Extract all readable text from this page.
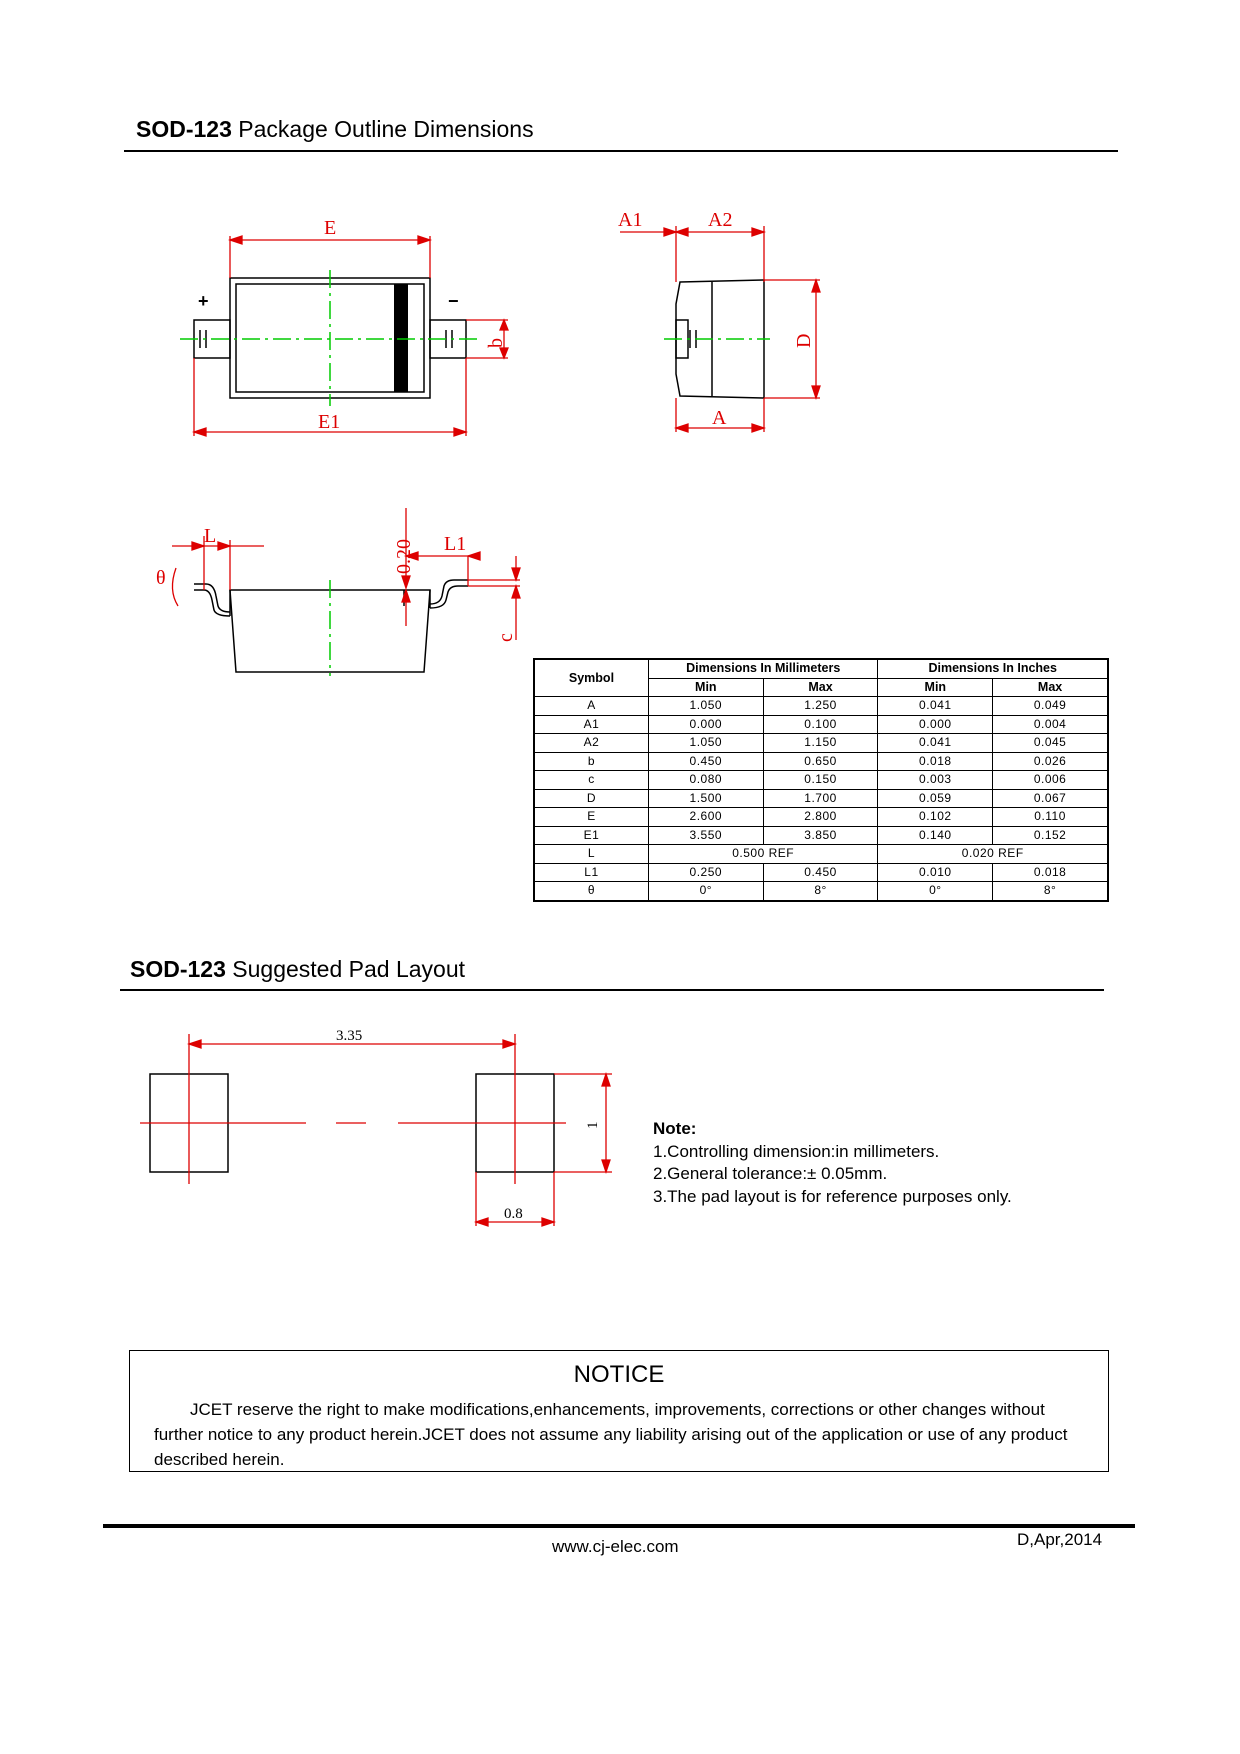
SOD-123 Package Outline Dimensions
E
E1
b
+	−
A1	A2
A
D
L	L1
θ
c
0.20
Symbol	Dimensions In Millimeters		Dimensions In Inches	
	Min	Max	Min	Max
A	1.050	1.250	0.041	0.049
A1	0.000	0.100	0.000	0.004
A2	1.050	1.150	0.041	0.045
b	0.450	0.650	0.018	0.026
c	0.080	0.150	0.003	0.006
D	1.500	1.700	0.059	0.067
E	2.600	2.800	0.102	0.110
E1	3.550	3.850	0.140	0.152
L	0.500 REF		0.020 REF	
L1	0.250	0.450	0.010	0.018
θ	0°	8°	0°	8°
SOD-123 Suggested Pad Layout
3.35
1
0.8
Note:
1.Controlling dimension:in millimeters.
2.General tolerance:± 0.05mm.
3.The pad layout is for reference purposes only.
NOTICE
JCET reserve the right to make modifications,enhancements, improvements, corrections or other changes without further notice to any product herein.JCET does not assume any liability arising out of the application or use of any product described herein.
www.cj-elec.com	D,Apr,2014
